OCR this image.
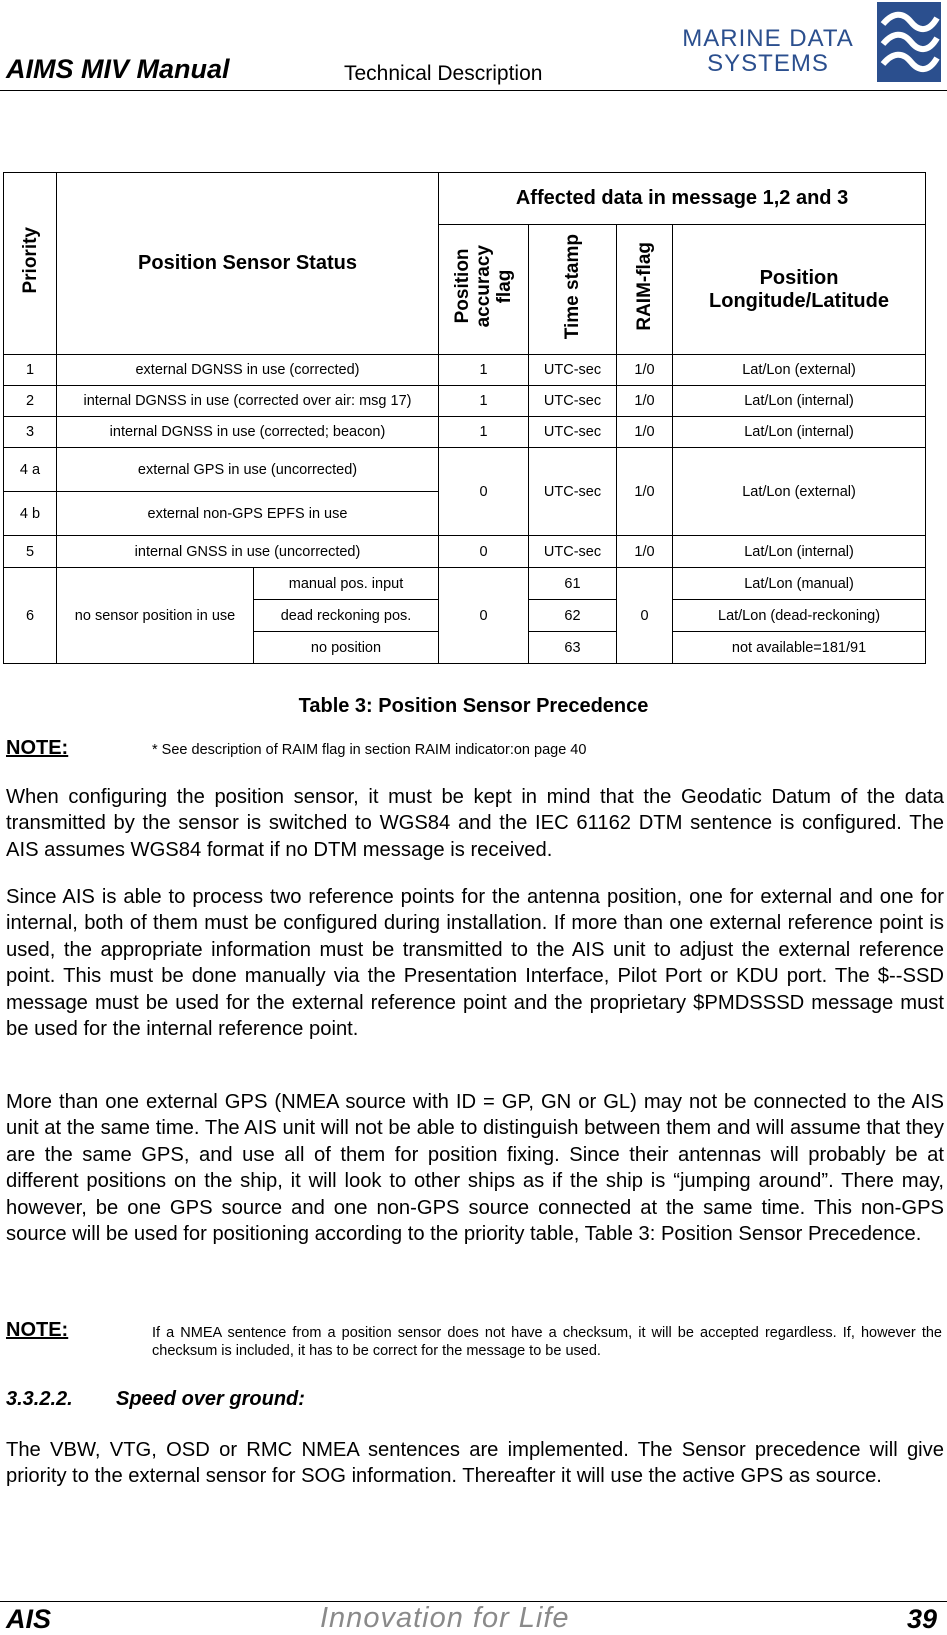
AIMS MIV Manual	Technical Description
MARINE DATA
SYSTEMS
Priority	Position Sensor Status		Affected data in message 1,2 and 3			
			Position
accuracy
flag	Time stamp	RAIM-flag	Position
Longitude/Latitude
1	external DGNSS in use (corrected)		1	UTC-sec	1/0	Lat/Lon (external)
2	internal DGNSS in use (corrected over air: msg 17)		1	UTC-sec	1/0	Lat/Lon (internal)
3	internal DGNSS in use (corrected; beacon)		1	UTC-sec	1/0	Lat/Lon (internal)
4 a	external GPS in use (uncorrected)		0	UTC-sec	1/0	Lat/Lon (external)
4 b	external non-GPS EPFS in use					
5	internal GNSS in use (uncorrected)		0	UTC-sec	1/0	Lat/Lon (internal)
6	no sensor position in use	manual pos. input	0	61	0	Lat/Lon (manual)
		dead reckoning pos.		62		Lat/Lon (dead-reckoning)
		no position		63		not available=181/91
Table 3: Position Sensor Precedence
NOTE:	* See description of RAIM flag in section RAIM indicator:on page 40
When configuring the position sensor, it must be kept in mind that the Geodatic Datum of the data transmitted by the sensor is switched to WGS84 and the IEC 61162 DTM sentence is configured. The AIS assumes WGS84 format if no DTM message is received.
Since AIS is able to process two reference points for the antenna position, one for external and one for internal, both of them must be configured during installation. If more than one external reference point is used, the appropriate information must be transmitted to the AIS unit to adjust the external reference point. This must be done manually via the Presentation Interface, Pilot Port or KDU port. The $--SSD message must be used for the external reference point and the proprietary $PMDSSSD message must be used for the internal reference point.
More than one external GPS (NMEA source with ID = GP, GN or GL) may not be connected to the AIS unit at the same time. The AIS unit will not be able to distinguish between them and will assume that they are the same GPS, and use all of them for position fixing. Since their antennas will probably be at different positions on the ship, it will look to other ships as if the ship is “jumping around”. There may, however, be one GPS source and one non-GPS source connected at the same time. This non-GPS source will be used for positioning according to the priority table, Table 3: Position Sensor Precedence.
NOTE:	If a NMEA sentence from a position sensor does not have a checksum, it will be accepted regardless. If, however the checksum is included, it has to be correct for the message to be used.
3.3.2.2. Speed over ground:
The VBW, VTG, OSD or RMC NMEA sentences are implemented. The Sensor precedence will give priority to the external sensor for SOG information. Thereafter it will use the active GPS as source.
AIS	Innovation for Life	39
